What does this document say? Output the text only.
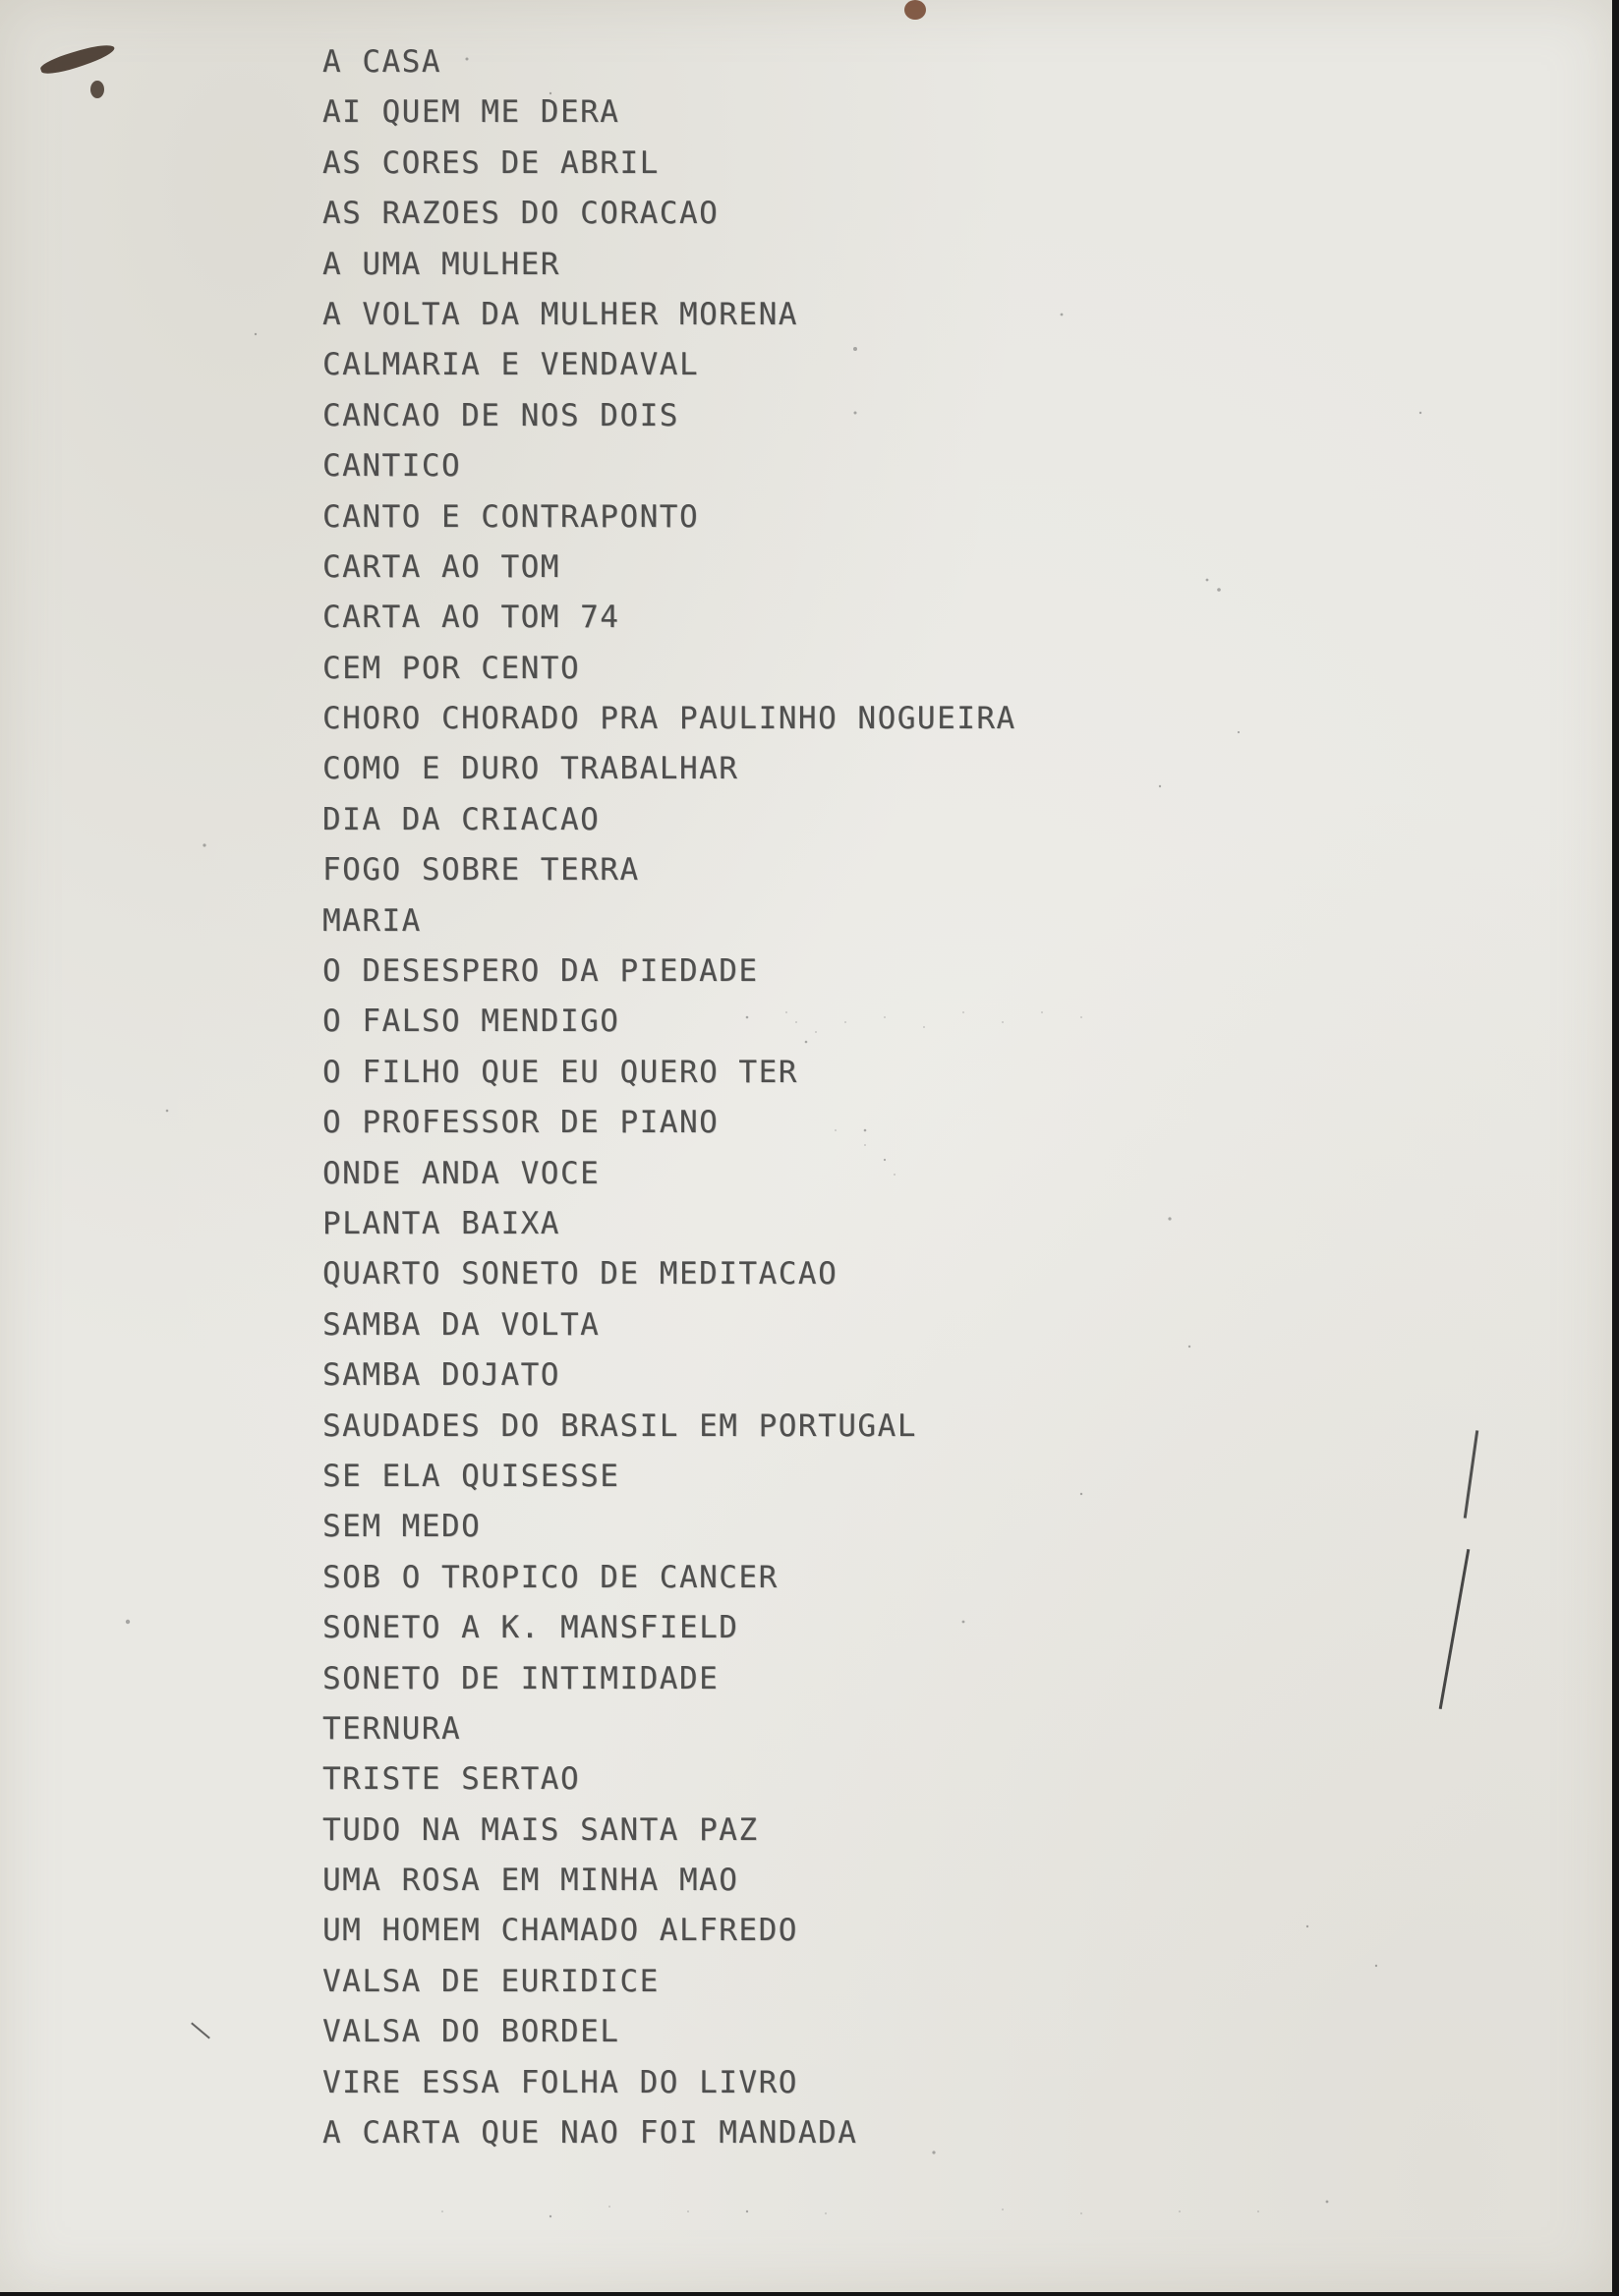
A CASA
AI QUEM ME DERA
AS CORES DE ABRIL
AS RAZOES DO CORACAO
A UMA MULHER
A VOLTA DA MULHER MORENA
CALMARIA E VENDAVAL
CANCAO DE NOS DOIS
CANTICO
CANTO E CONTRAPONTO
CARTA AO TOM
CARTA AO TOM 74
CEM POR CENTO
CHORO CHORADO PRA PAULINHO NOGUEIRA
COMO E DURO TRABALHAR
DIA DA CRIACAO
FOGO SOBRE TERRA
MARIA
O DESESPERO DA PIEDADE
O FALSO MENDIGO
O FILHO QUE EU QUERO TER
O PROFESSOR DE PIANO
ONDE ANDA VOCE
PLANTA BAIXA
QUARTO SONETO DE MEDITACAO
SAMBA DA VOLTA
SAMBA DOJATO
SAUDADES DO BRASIL EM PORTUGAL
SE ELA QUISESSE
SEM MEDO
SOB O TROPICO DE CANCER
SONETO A K. MANSFIELD
SONETO DE INTIMIDADE
TERNURA
TRISTE SERTAO
TUDO NA MAIS SANTA PAZ
UMA ROSA EM MINHA MAO
UM HOMEM CHAMADO ALFREDO
VALSA DE EURIDICE
VALSA DO BORDEL
VIRE ESSA FOLHA DO LIVRO
A CARTA QUE NAO FOI MANDADA
